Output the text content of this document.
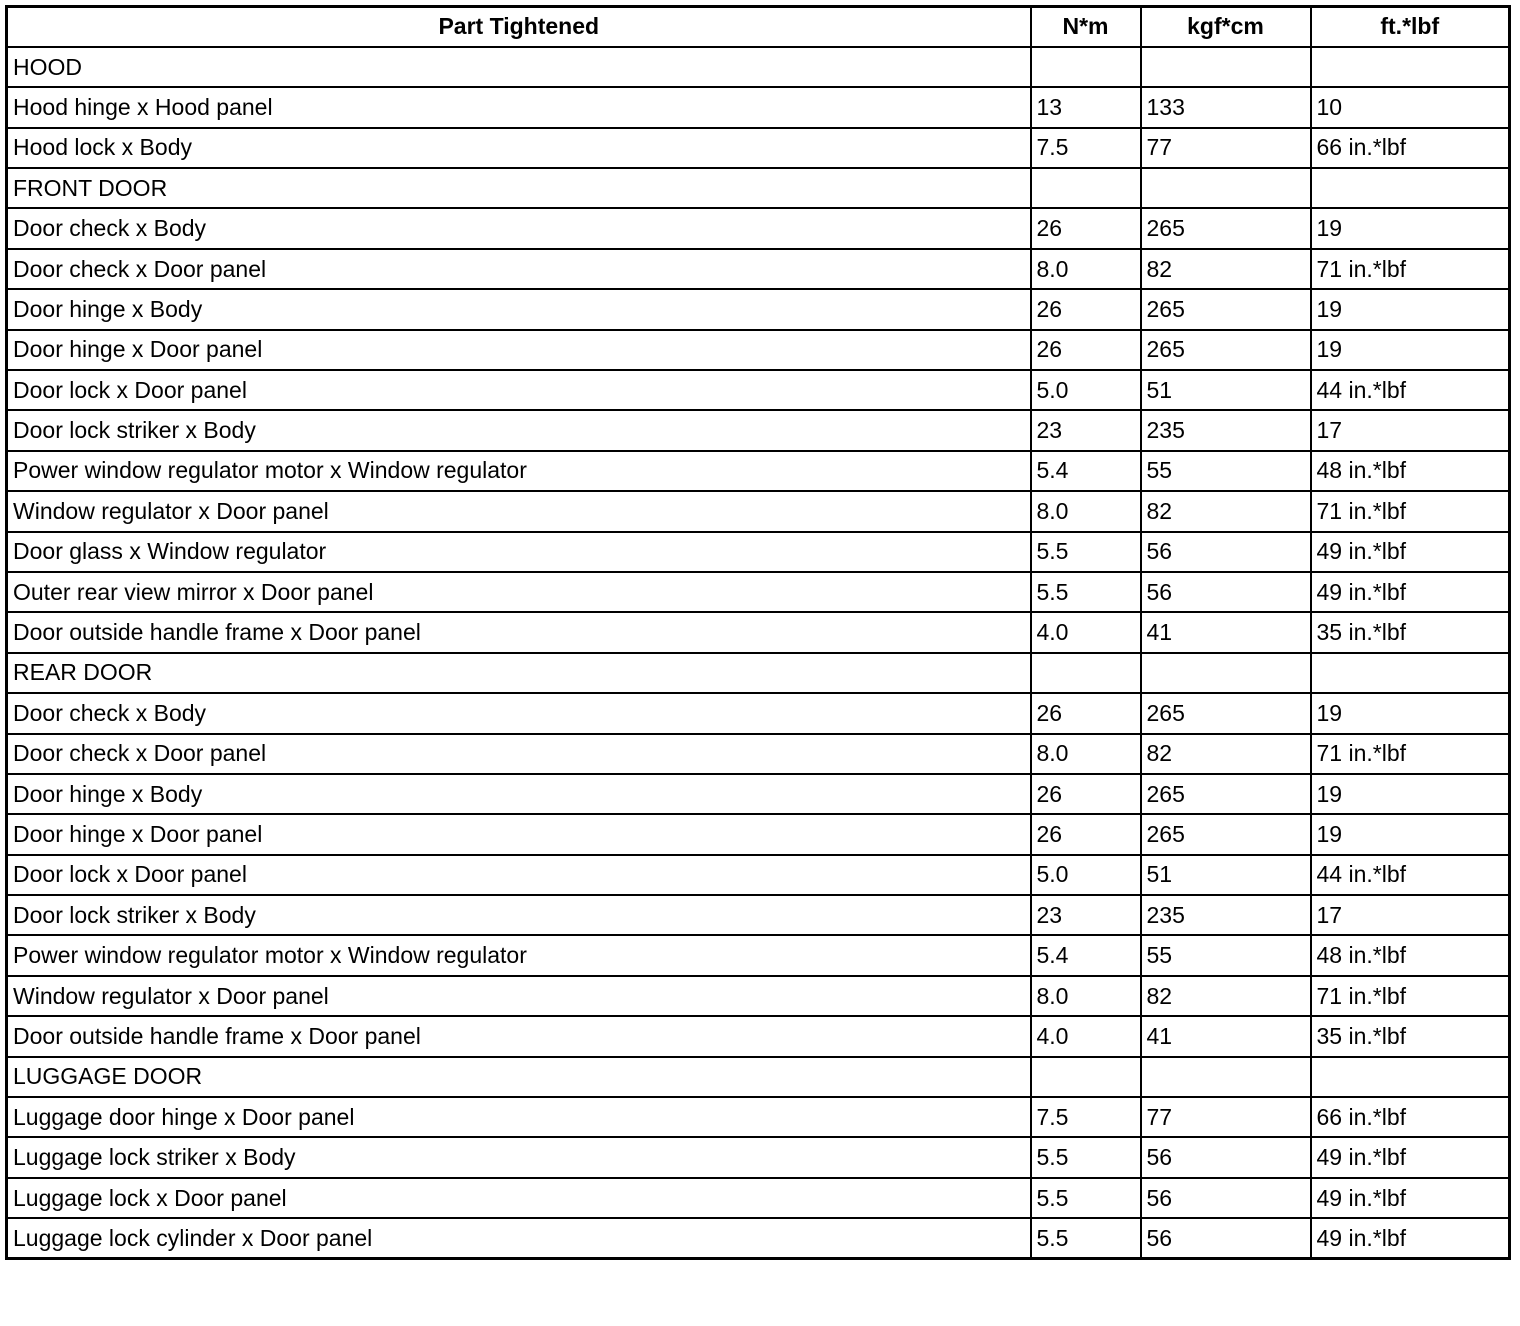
Part Tightened	N*m	kgf*cm	ft.*lbf
HOOD			
Hood hinge x Hood panel	13	133	10
Hood lock x Body	7.5	77	66 in.*lbf
FRONT DOOR			
Door check x Body	26	265	19
Door check x Door panel	8.0	82	71 in.*lbf
Door hinge x Body	26	265	19
Door hinge x Door panel	26	265	19
Door lock x Door panel	5.0	51	44 in.*lbf
Door lock striker x Body	23	235	17
Power window regulator motor x Window regulator	5.4	55	48 in.*lbf
Window regulator x Door panel	8.0	82	71 in.*lbf
Door glass x Window regulator	5.5	56	49 in.*lbf
Outer rear view mirror x Door panel	5.5	56	49 in.*lbf
Door outside handle frame x Door panel	4.0	41	35 in.*lbf
REAR DOOR			
Door check x Body	26	265	19
Door check x Door panel	8.0	82	71 in.*lbf
Door hinge x Body	26	265	19
Door hinge x Door panel	26	265	19
Door lock x Door panel	5.0	51	44 in.*lbf
Door lock striker x Body	23	235	17
Power window regulator motor x Window regulator	5.4	55	48 in.*lbf
Window regulator x Door panel	8.0	82	71 in.*lbf
Door outside handle frame x Door panel	4.0	41	35 in.*lbf
LUGGAGE DOOR			
Luggage door hinge x Door panel	7.5	77	66 in.*lbf
Luggage lock striker x Body	5.5	56	49 in.*lbf
Luggage lock x Door panel	5.5	56	49 in.*lbf
Luggage lock cylinder x Door panel	5.5	56	49 in.*lbf
